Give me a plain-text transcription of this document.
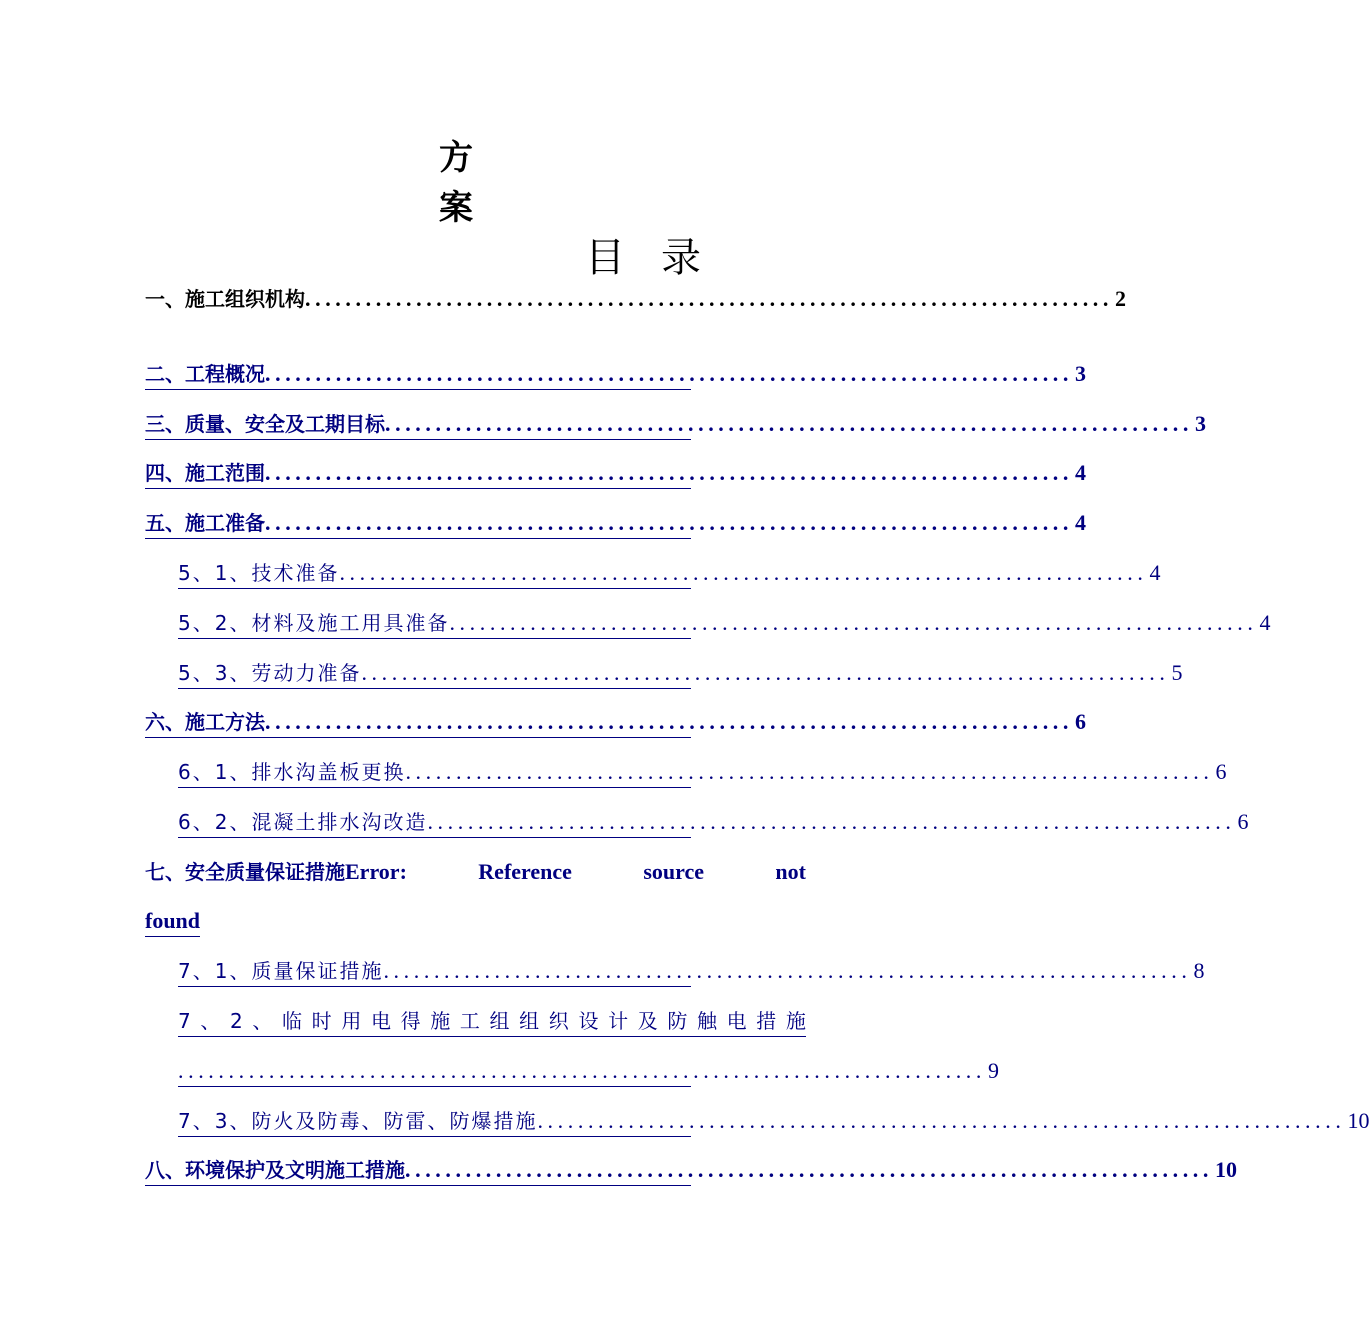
方
案
目录
一、施工组织机构 ................................................................................ 2
二、工程概况 ................................................................................ 3
三、质量、安全及工期目标 ................................................................................ 3
四、施工范围 ................................................................................ 4
五、施工准备 ................................................................................ 4
5、1、技术准备 ................................................................................ 4
5、2、材料及施工用具准备 ................................................................................ 4
5、3、劳动力准备 ................................................................................ 5
六、施工方法 ................................................................................ 6
6、1、排水沟盖板更换 ................................................................................ 6
6、2、混凝土排水沟改造 ................................................................................ 6
七、安全质量保证措施Error:	Reference	source	not
found
7、1、质量保证措施 ................................................................................ 8
7 、 2 、 临 时 用 电 得 施 工 组 组 织 设 计 及 防 触 电 措 施
................................................................................ 9
7、3、防火及防毒、防雷、防爆措施 ................................................................................ 10
八、环境保护及文明施工措施 ................................................................................ 10
